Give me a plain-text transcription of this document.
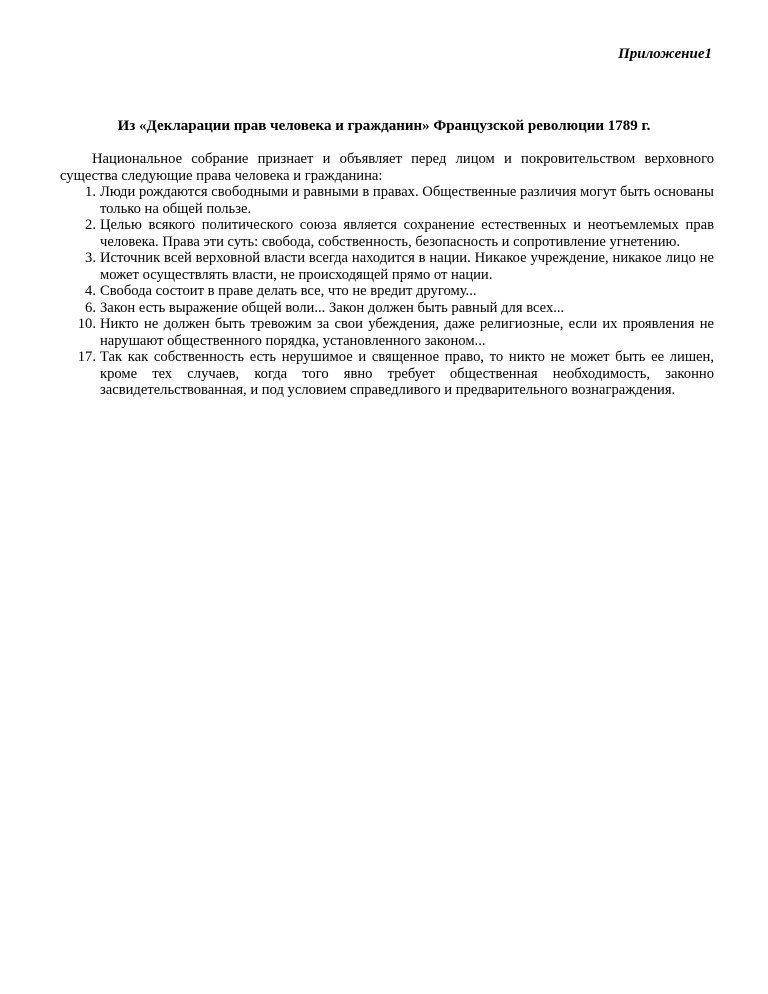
Приложение1
Из «Декларации прав человека и гражданин» Французской революции 1789 г.

Национальное собрание признает и объявляет перед лицом и покровительством верховного существа следующие права человека и гражданина:

1. Люди рождаются свободными и равными в правах. Общественные различия могут быть основаны только на общей пользе.
2. Целью всякого политического союза является сохранение естественных и неотъемлемых прав человека. Права эти суть: свобода, собственность, безопасность и сопротивление угнетению.
3. Источник всей верховной власти всегда находится в нации. Никакое учреждение, никакое лицо не может осуществлять власти, не происходящей прямо от нации.
4. Свобода состоит в праве делать все, что не вредит другому...
6. Закон есть выражение общей воли... Закон должен быть равный для всех...
10. Никто не должен быть тревожим за свои убеждения, даже религиозные, если их проявления не нарушают общественного порядка, установленного законом...
17. Так как собственность есть нерушимое и священное право, то никто не может быть ее лишен, кроме тех случаев, когда того явно требует общественная необходимость, законно засвидетельствованная, и под условием справедливого и предварительного вознаграждения.
